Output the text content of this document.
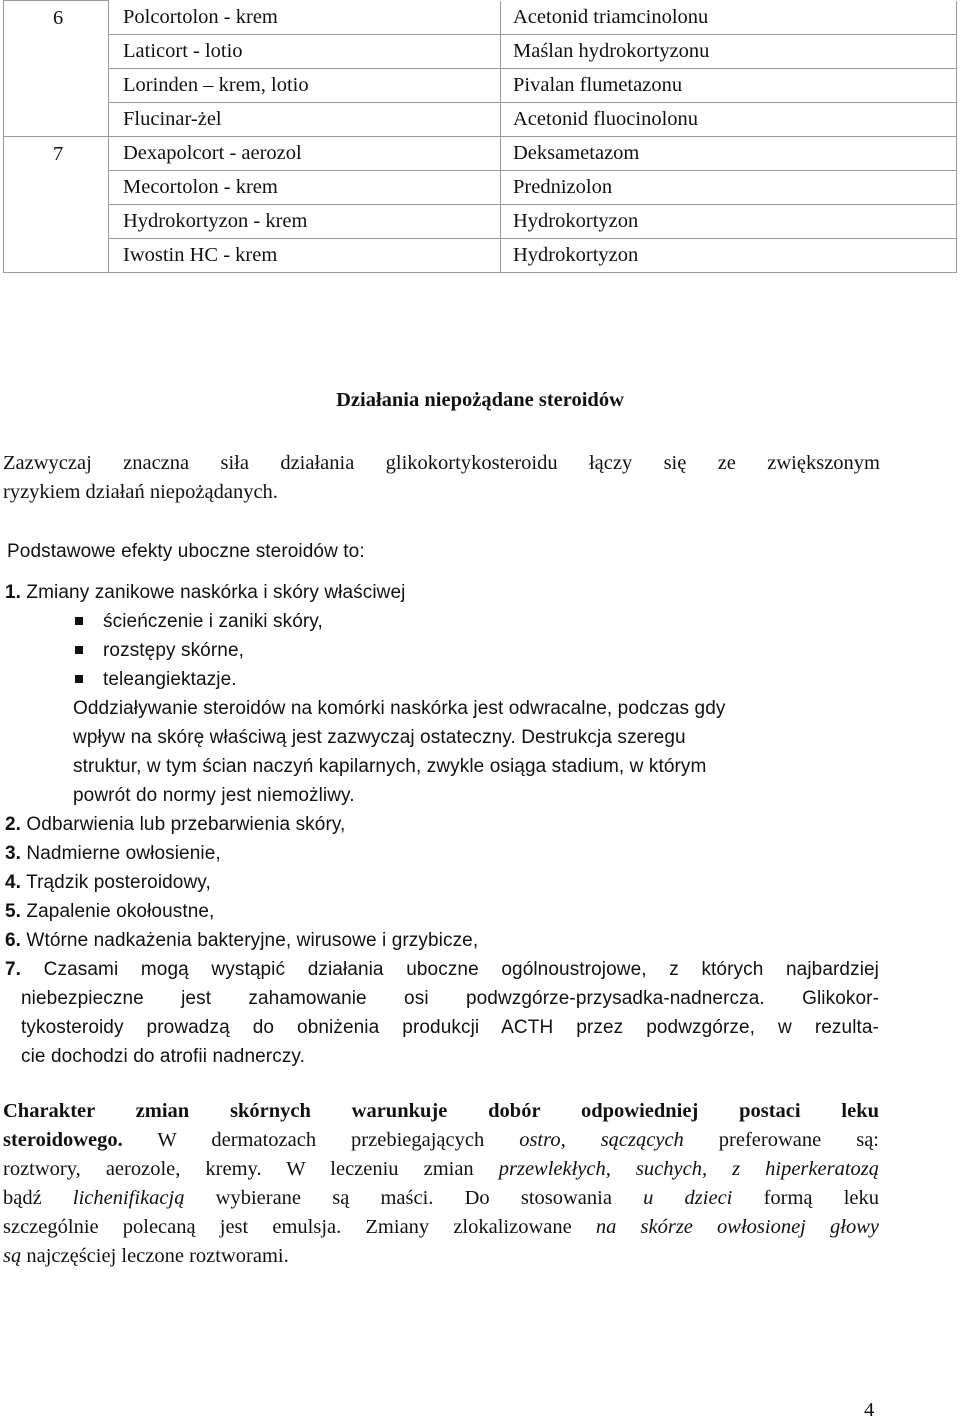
6	Polcortolon - krem	Acetonid triamcinolonu
	Laticort - lotio	Maślan hydrokortyzonu
	Lorinden – krem, lotio	Pivalan flumetazonu
	Flucinar-żel	Acetonid fluocinolonu
7	Dexapolcort - aerozol	Deksametazom
	Mecortolon - krem	Prednizolon
	Hydrokortyzon - krem	Hydrokortyzon
	Iwostin HC - krem	Hydrokortyzon
Działania niepożądane steroidów
Zazwyczaj znaczna siła działania glikokortykosteroidu łączy się ze zwiększonym
ryzykiem działań niepożądanych.
Podstawowe efekty uboczne steroidów to:
1. Zmiany zanikowe naskórka i skóry właściwej
ścieńczenie i zaniki skóry,
rozstępy skórne,
teleangiektazje.
Oddziaływanie steroidów na komórki naskórka jest odwracalne, podczas gdy
wpływ na skórę właściwą jest zazwyczaj ostateczny. Destrukcja szeregu
struktur, w tym ścian naczyń kapilarnych, zwykle osiąga stadium, w którym
powrót do normy jest niemożliwy.
2. Odbarwienia lub przebarwienia skóry,
3. Nadmierne owłosienie,
4. Trądzik posteroidowy,
5. Zapalenie okołoustne,
6. Wtórne nadkażenia bakteryjne, wirusowe i grzybicze,
7. Czasami mogą wystąpić działania uboczne ogólnoustrojowe, z których najbardziej
niebezpieczne jest zahamowanie osi podwzgórze-przysadka-nadnercza. Glikokor-
tykosteroidy prowadzą do obniżenia produkcji ACTH przez podwzgórze, w rezulta-
cie dochodzi do atrofii nadnerczy.
Charakter zmian skórnych warunkuje dobór odpowiedniej postaci leku
steroidowego. W dermatozach przebiegających ostro, sączących preferowane są:
roztwory, aerozole, kremy. W leczeniu zmian przewlekłych, suchych, z hiperkeratozą
bądź lichenifikacją wybierane są maści. Do stosowania u dzieci formą leku
szczególnie polecaną jest emulsja. Zmiany zlokalizowane na skórze owłosionej głowy
są najczęściej leczone roztworami.
4
